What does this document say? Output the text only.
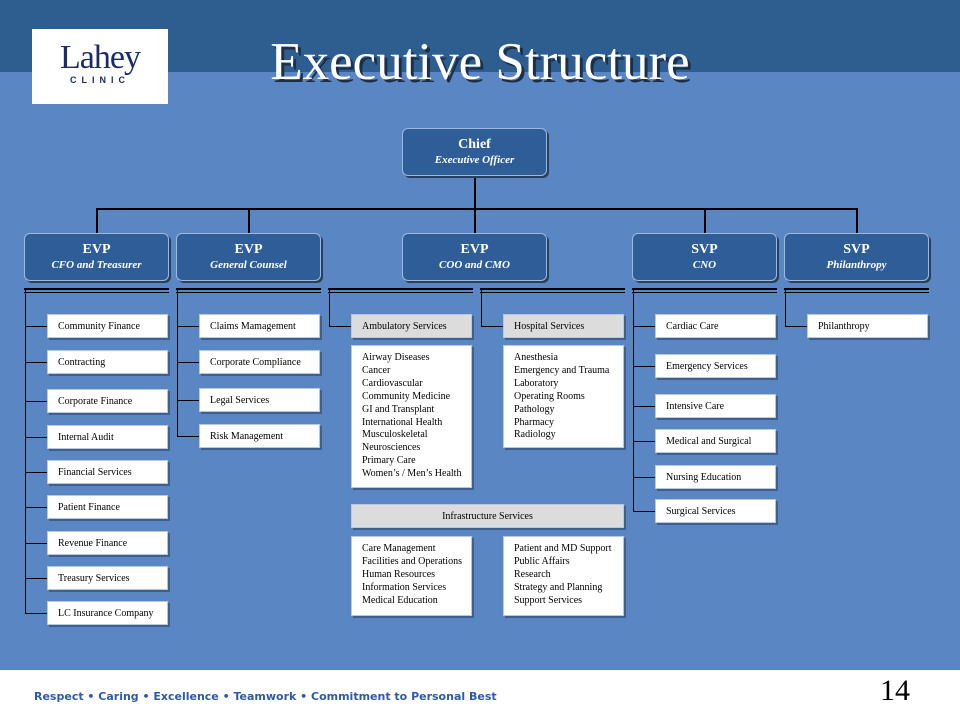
Lahey
CLINIC	Executive Structure
Chief
Executive Officer
EVP
CFO and Treasurer
EVP
General Counsel
EVP
COO and CMO
SVP
CNO
SVP
Philanthropy
Community Finance
Contracting
Corporate Finance
Internal Audit
Financial Services
Patient Finance
Revenue Finance
Treasury Services
LC Insurance Company
Claims Mamagement
Corporate Compliance
Legal Services
Risk Management
Ambulatory Services	Hospital Services
Airway Diseases
Cancer
Cardiovascular
Community Medicine
GI and Transplant
International Health
Musculoskeletal
Neurosciences
Primary Care
Women’s / Men’s Health
Anesthesia
Emergency and Trauma
Laboratory
Operating Rooms
Pathology
Pharmacy
Radiology
Infrastructure Services
Care Management
Facilities and Operations
Human Resources
Information Services
Medical Education
Patient and MD Support
Public Affairs
Research
Strategy and Planning
Support Services
Cardiac Care
Emergency Services
Intensive Care
Medical and Surgical
Nursing Education
Surgical Services
Philanthropy
Respect • Caring • Excellence • Teamwork • Commitment to Personal Best	14
